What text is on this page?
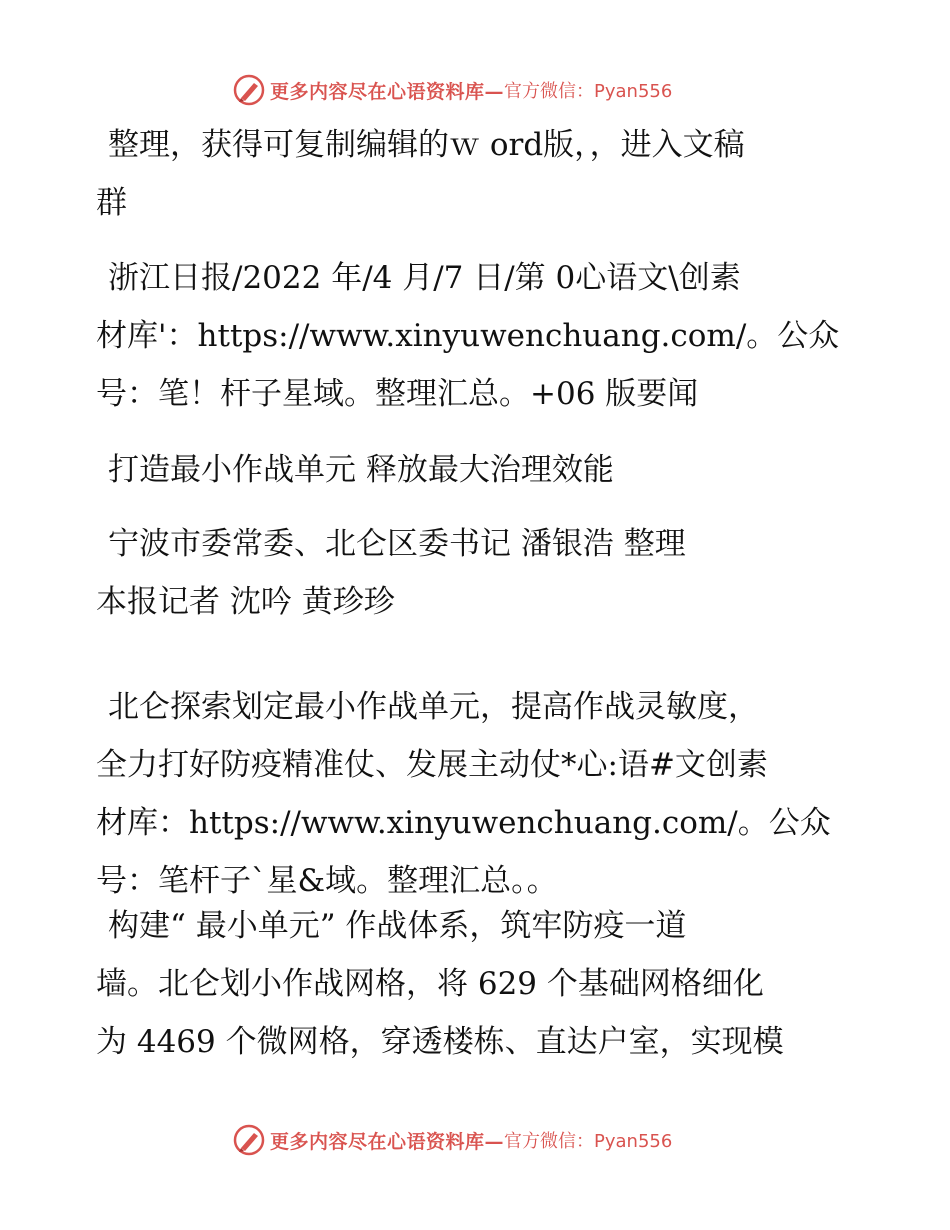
更多内容尽在心语资料库— 官方微信：Pyan556
整理，获得可复制编辑的ｗ ord版，，进入文稿
群
浙江日报/2022 年/4 月/7 日/第 0心语文\创素
材库'：https://www.xinyuwenchuang.com/。公众
号：笔！杆子星域。整理汇总。+06 版要闻
打造最小作战单元 释放最大治理效能
宁波市委常委、北仑区委书记 潘银浩 整理
本报记者 沈吟 黄珍珍
北仑探索划定最小作战单元，提高作战灵敏度，
全力打好防疫精准仗、发展主动仗*心:语#文创素
材库：https://www.xinyuwenchuang.com/。公众
号：笔杆子`星&域。整理汇总。。
构建“ 最小单元” 作战体系，筑牢防疫一道
墙。北仑划小作战网格，将 629 个基础网格细化
为 4469 个微网格，穿透楼栋、直达户室，实现模
更多内容尽在心语资料库— 官方微信：Pyan556
